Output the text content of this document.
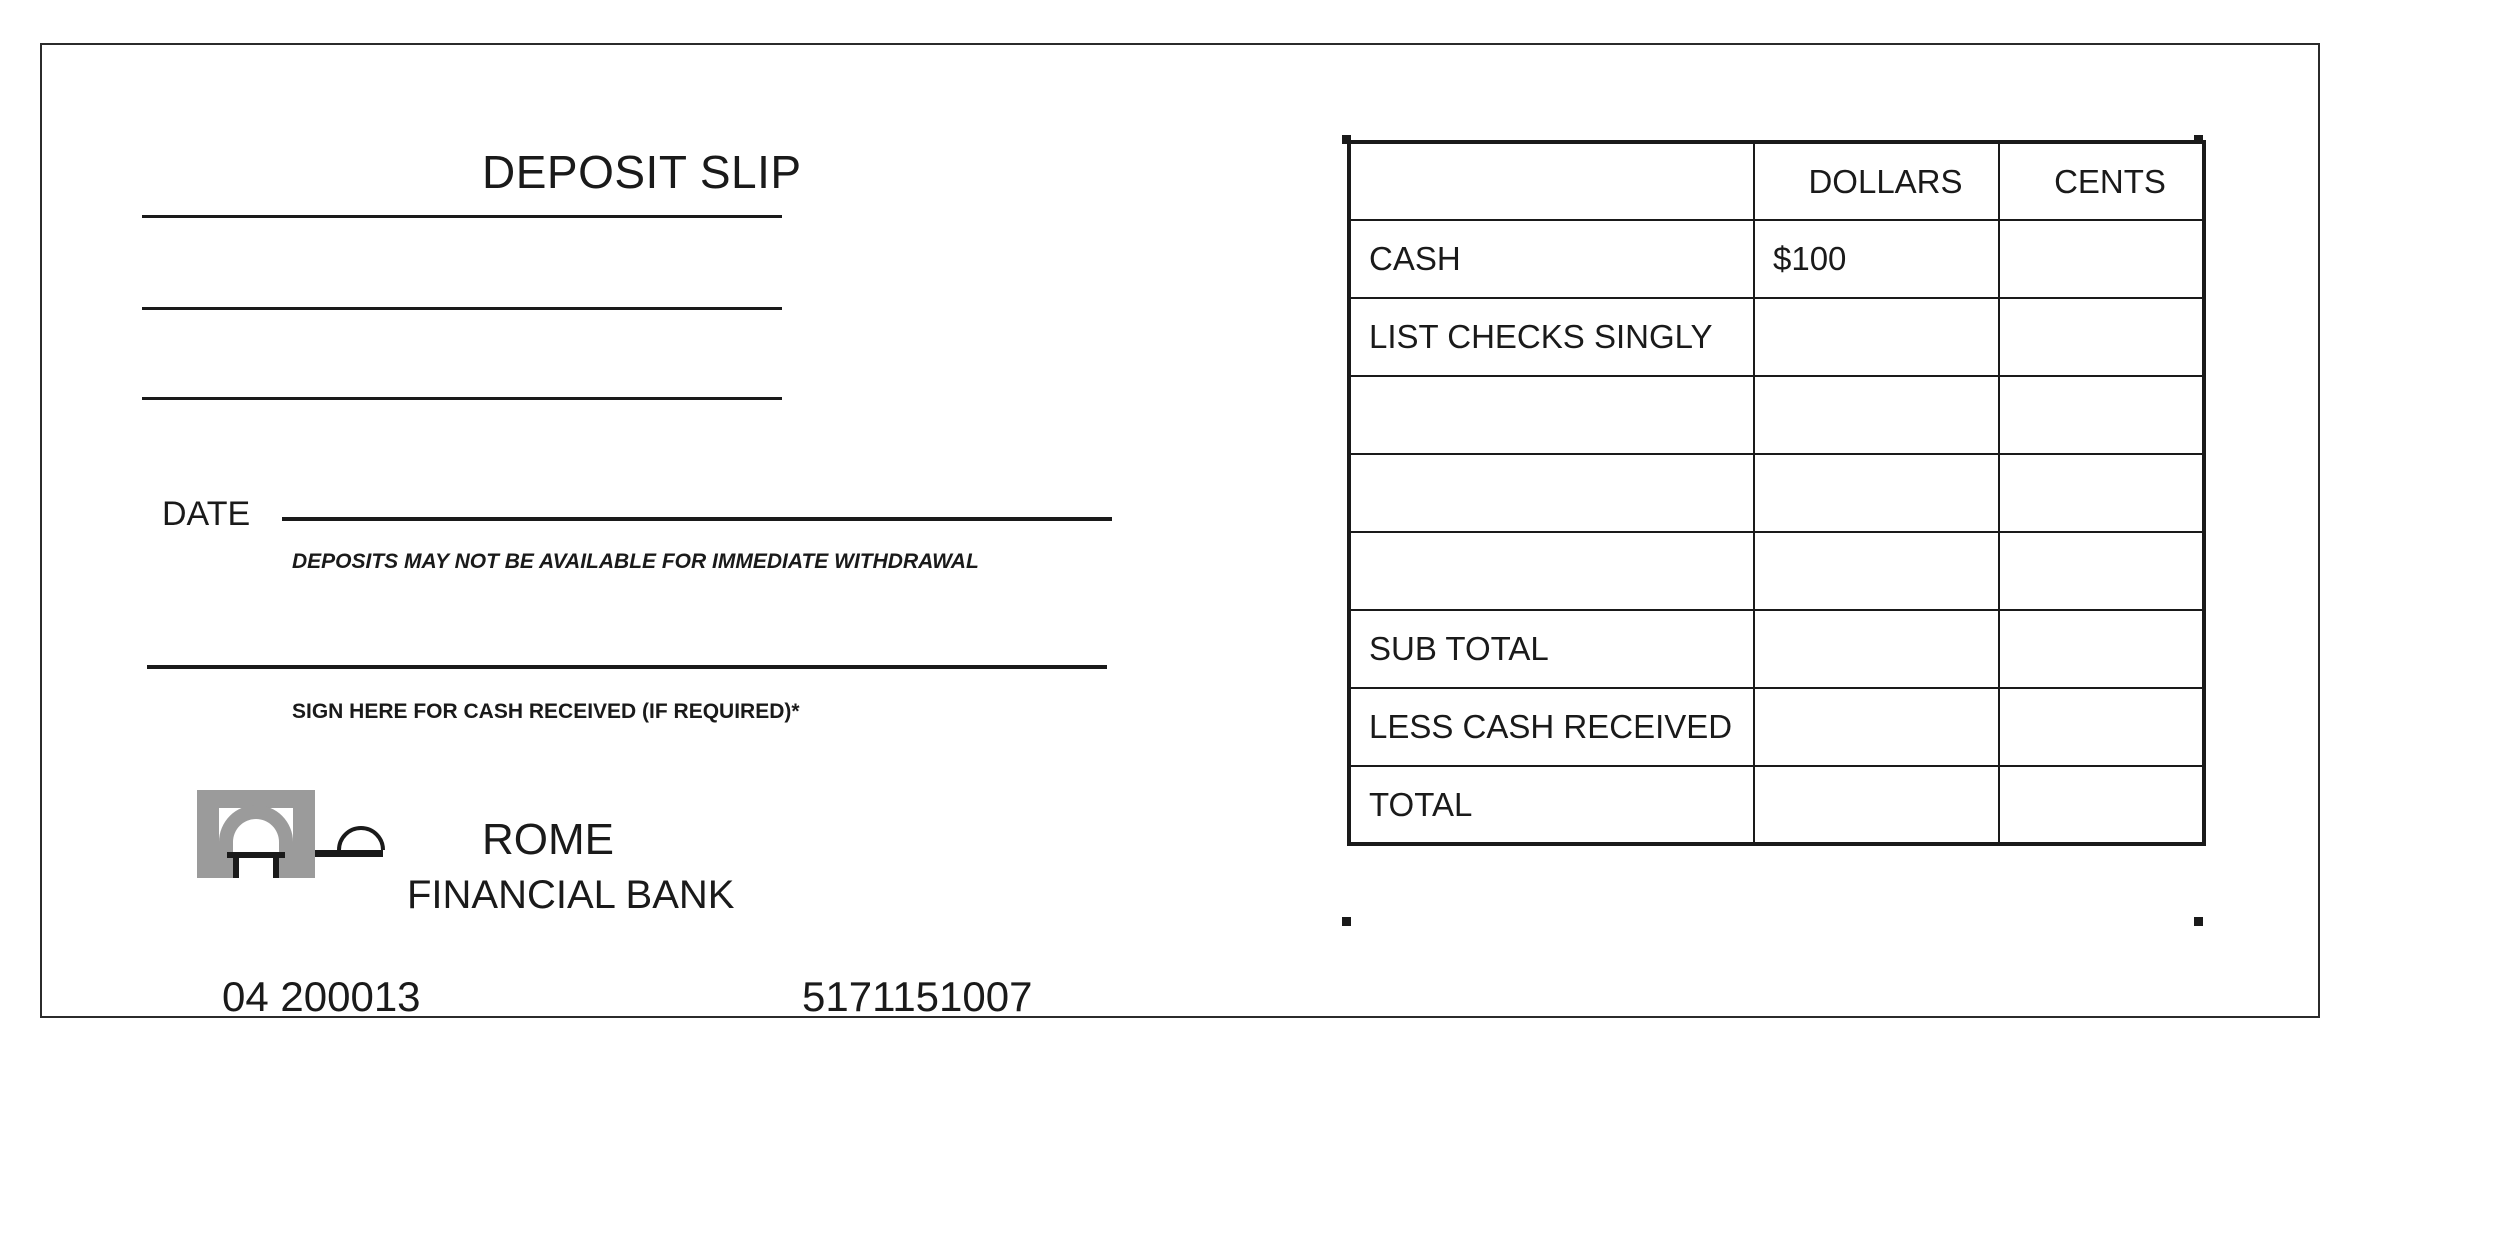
DEPOSIT SLIP
DATE
DEPOSITS MAY NOT BE AVAILABLE FOR IMMEDIATE WITHDRAWAL
SIGN HERE FOR CASH RECEIVED (IF REQUIRED)*
ROME
FINANCIAL BANK
04 200013	5171151007
	DOLLARS	CENTS
CASH	$100	
LIST CHECKS SINGLY		

SUB TOTAL		
LESS CASH RECEIVED		
TOTAL		
